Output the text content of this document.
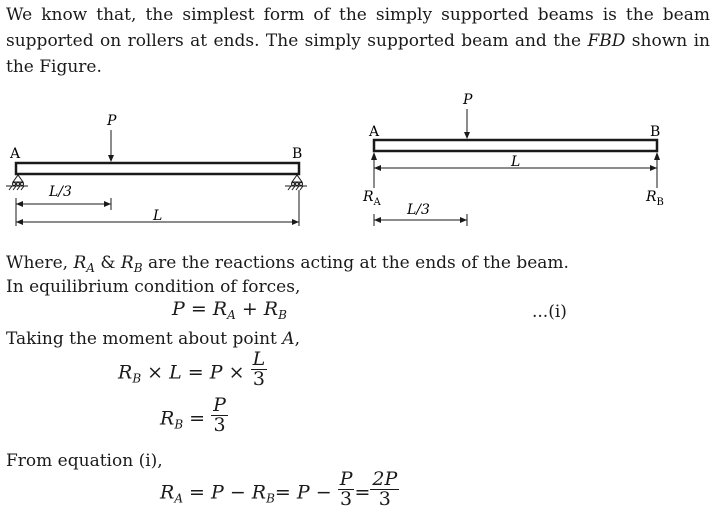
We know that, the simplest form of the simply supported beams is the beam supported on rollers at ends. The simply supported beam and the FBD shown in the Figure.
P
A	B
L/3
L
P
A	B
L
$R_A$	$R_B$
L/3
Where, $R_A$ & $R_B$ are the reactions acting at the ends of the beam.
In equilibrium condition of forces,
$P = R_A + R_B$	...(i)
Taking the moment about point A,
$R_B \times L = P \times \frac{L}{3}$
$R_B = \frac{P}{3}$
From equation (i),
$R_A = P - R_B= P - \frac{P}{3} = \frac{2P}{3}$
